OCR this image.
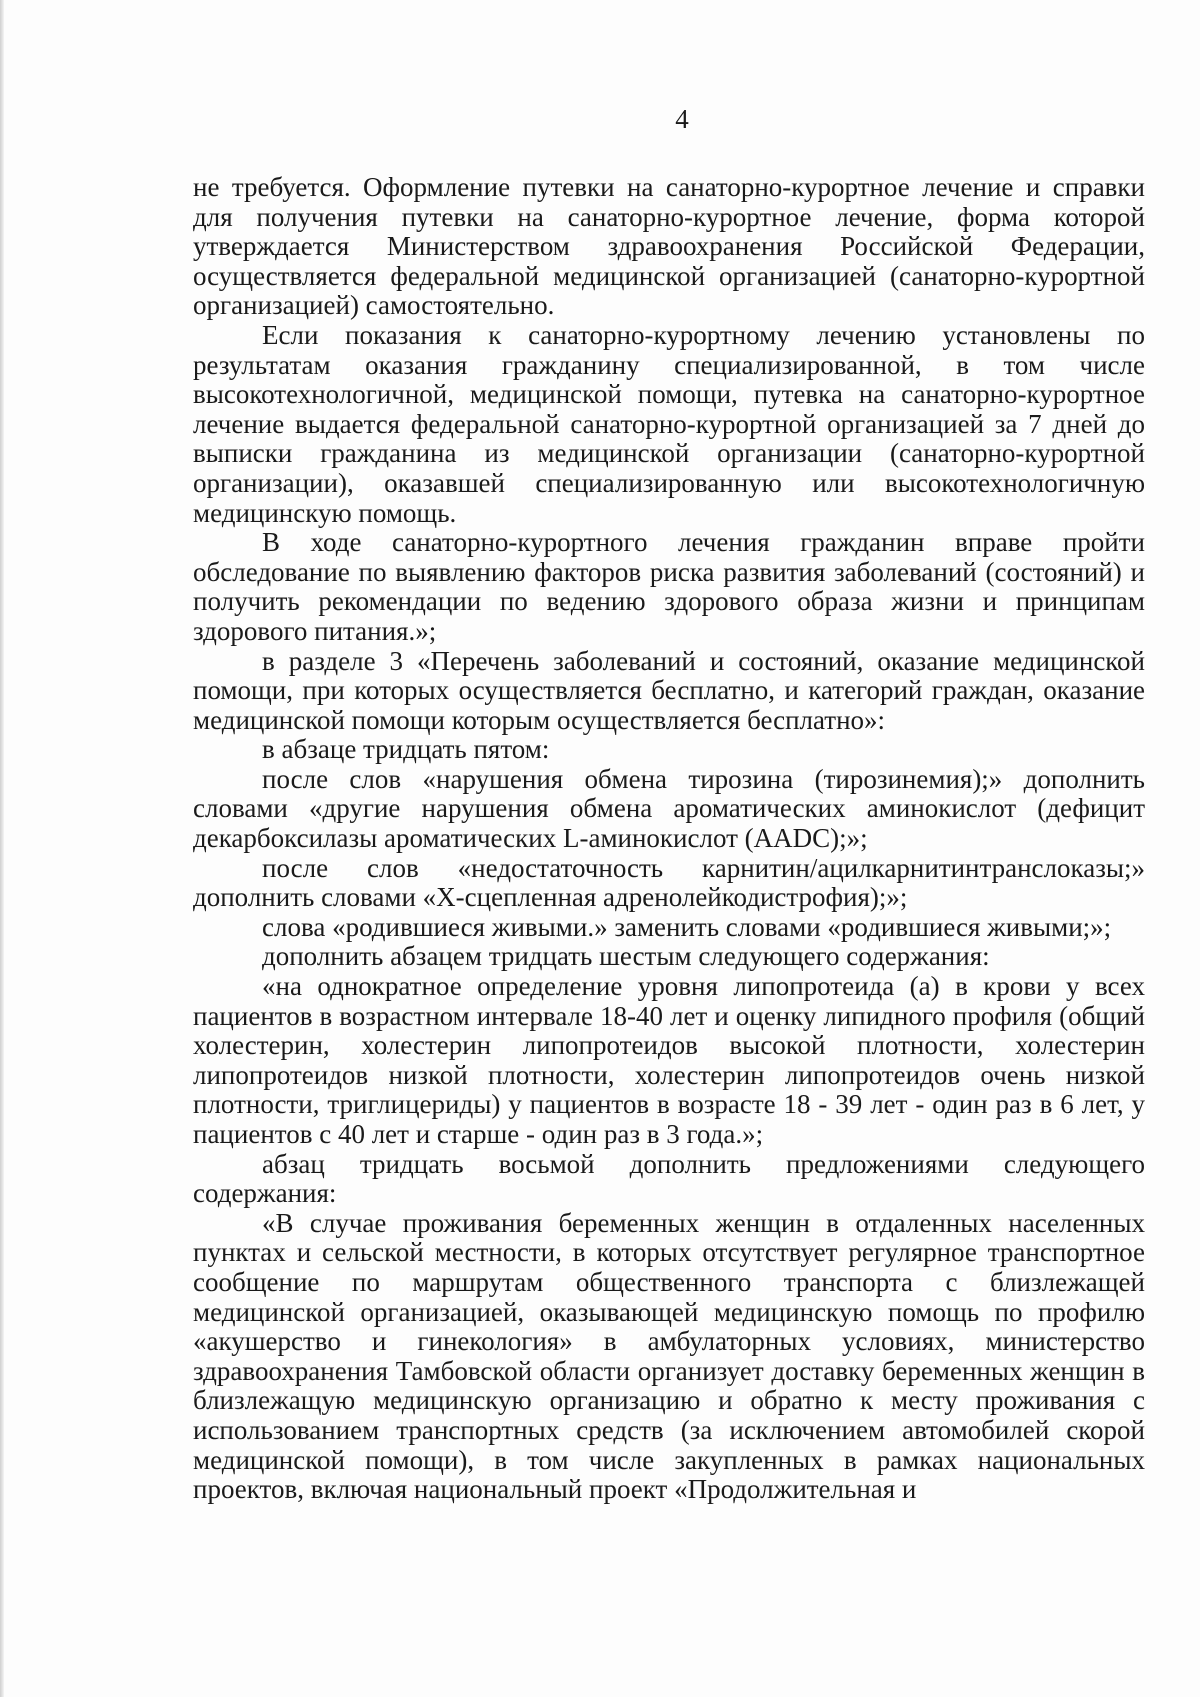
4

не требуется. Оформление путевки на санаторно-курортное лечение и справки для получения путевки на санаторно-курортное лечение, форма которой утверждается Министерством здравоохранения Российской Федерации, осуществляется федеральной медицинской организацией (санаторно-курортной организацией) самостоятельно.

Если показания к санаторно-курортному лечению установлены по результатам оказания гражданину специализированной, в том числе высокотехнологичной, медицинской помощи, путевка на санаторно-курортное лечение выдается федеральной санаторно-курортной организацией за 7 дней до выписки гражданина из медицинской организации (санаторно-курортной организации), оказавшей специализированную или высокотехнологичную медицинскую помощь.

В ходе санаторно-курортного лечения гражданин вправе пройти обследование по выявлению факторов риска развития заболеваний (состояний) и получить рекомендации по ведению здорового образа жизни и принципам здорового питания.»;

в разделе 3 «Перечень заболеваний и состояний, оказание медицинской помощи, при которых осуществляется бесплатно, и категорий граждан, оказание медицинской помощи которым осуществляется бесплатно»:

в абзаце тридцать пятом:

после слов «нарушения обмена тирозина (тирозинемия);» дополнить словами «другие нарушения обмена ароматических аминокислот (дефицит декарбоксилазы ароматических L-аминокислот (AADC);»;

после слов «недостаточность карнитин/ацилкарнитинтранслоказы;» дополнить словами «Х-сцепленная адренолейкодистрофия);»;

слова «родившиеся живыми.» заменить словами «родившиеся живыми;»;

дополнить абзацем тридцать шестым следующего содержания:

«на однократное определение уровня липопротеида (а) в крови у всех пациентов в возрастном интервале 18-40 лет и оценку липидного профиля (общий холестерин, холестерин липопротеидов высокой плотности, холестерин липопротеидов низкой плотности, холестерин липопротеидов очень низкой плотности, триглицериды) у пациентов в возрасте 18 - 39 лет - один раз в 6 лет, у пациентов с 40 лет и старше - один раз в 3 года.»;

абзац тридцать восьмой дополнить предложениями следующего содержания:

«В случае проживания беременных женщин в отдаленных населенных пунктах и сельской местности, в которых отсутствует регулярное транспортное сообщение по маршрутам общественного транспорта с близлежащей медицинской организацией, оказывающей медицинскую помощь по профилю «акушерство и гинекология» в амбулаторных условиях, министерство здравоохранения Тамбовской области организует доставку беременных женщин в близлежащую медицинскую организацию и обратно к месту проживания с использованием транспортных средств (за исключением автомобилей скорой медицинской помощи), в том числе закупленных в рамках национальных проектов, включая национальный проект «Продолжительная и
